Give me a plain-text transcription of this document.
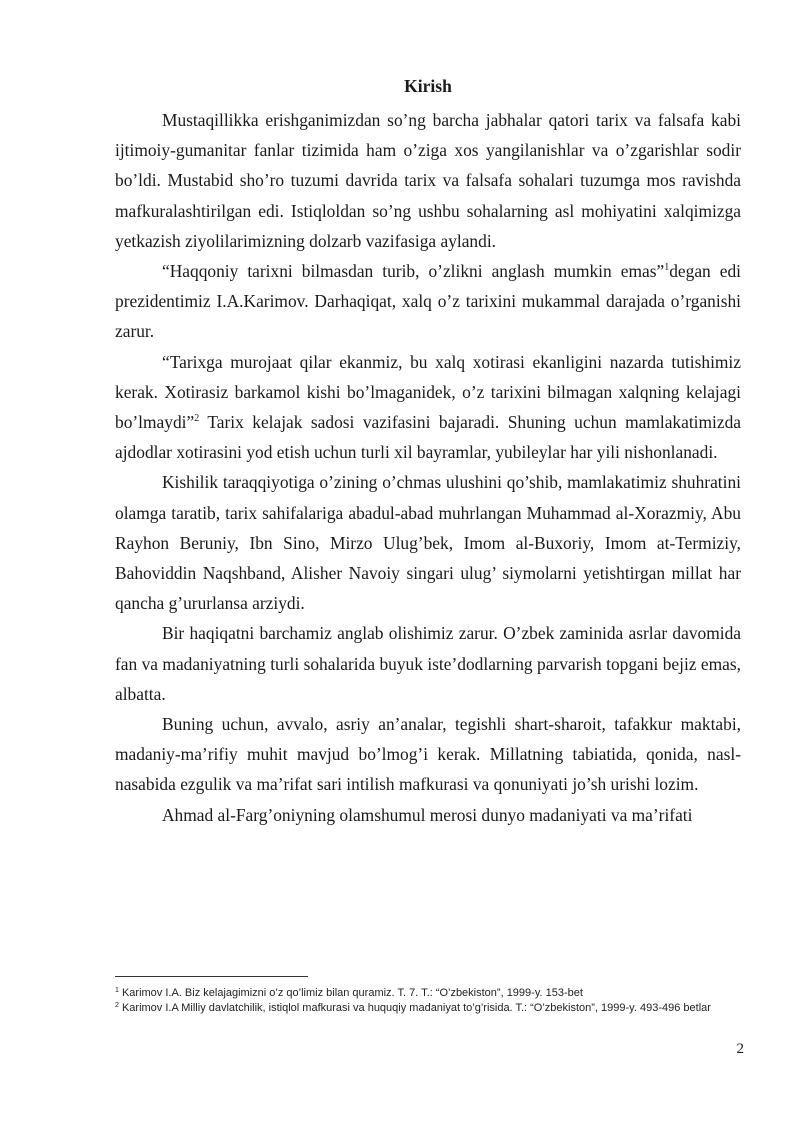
Kirish

Mustaqillikka erishganimizdan so’ng barcha jabhalar qatori tarix va falsafa kabi ijtimoiy-gumanitar fanlar tizimida ham o’ziga xos yangilanishlar va o’zgarishlar sodir bo’ldi. Mustabid sho’ro tuzumi davrida tarix va falsafa sohalari tuzumga mos ravishda mafkuralashtirilgan edi. Istiqloldan so’ng ushbu sohalarning asl mohiyatini xalqimizga yetkazish ziyolilarimizning dolzarb vazifasiga aylandi.

“Haqqoniy tarixni bilmasdan turib, o’zlikni anglash mumkin emas”$^1$degan edi prezidentimiz I.A.Karimov. Darhaqiqat, xalq o’z tarixini mukammal darajada o’rganishi zarur.

“Tarixga murojaat qilar ekanmiz, bu xalq xotirasi ekanligini nazarda tutishimiz kerak. Xotirasiz barkamol kishi bo’lmaganidek, o’z tarixini bilmagan xalqning kelajagi bo’lmaydi”$^2$ Tarix kelajak sadosi vazifasini bajaradi. Shuning uchun mamlakatimizda ajdodlar xotirasini yod etish uchun turli xil bayramlar, yubileylar har yili nishonlanadi.

Kishilik taraqqiyotiga o’zining o’chmas ulushini qo’shib, mamlakatimiz shuhratini olamga taratib, tarix sahifalariga abadul-abad muhrlangan Muhammad al-Xorazmiy, Abu Rayhon Beruniy, Ibn Sino, Mirzo Ulug’bek, Imom al-Buxoriy, Imom at-Termiziy, Bahoviddin Naqshband, Alisher Navoiy singari ulug’ siymolarni yetishtirgan millat har qancha g’ururlansa arziydi.

Bir haqiqatni barchamiz anglab olishimiz zarur. O’zbek zaminida asrlar davomida fan va madaniyatning turli sohalarida buyuk iste’dodlarning parvarish topgani bejiz emas, albatta.

Buning uchun, avvalo, asriy an’analar, tegishli shart-sharoit, tafakkur maktabi, madaniy-ma’rifiy muhit mavjud bo’lmog’i kerak. Millatning tabiatida, qonida, nasl-nasabida ezgulik va ma’rifat sari intilish mafkurasi va qonuniyati jo’sh urishi lozim.

Ahmad al-Farg’oniyning olamshumul merosi dunyo madaniyati va ma’rifati

$^1$ Karimov I.A. Biz kelajagimizni o’z qo’limiz bilan quramiz. T. 7. T.: “O’zbekiston”, 1999-y. 153-bet

$^2$ Karimov I.A Milliy davlatchilik, istiqlol mafkurasi va huquqiy madaniyat to’g’risida. T.: “O’zbekiston”, 1999-y. 493-496 betlar

2
